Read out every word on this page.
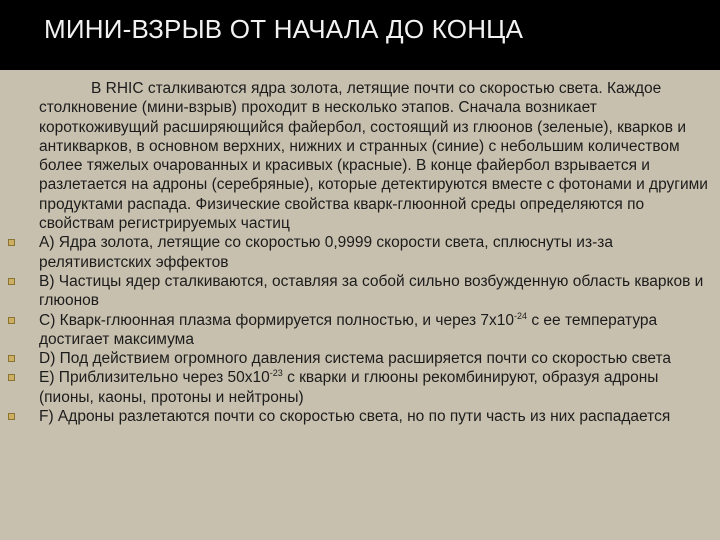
МИНИ-ВЗРЫВ ОТ НАЧАЛА ДО КОНЦА

В RHIC сталкиваются ядра золота, летящие почти со скоростью света. Каждое столкновение (мини-взрыв) проходит в несколько этапов. Сначала возникает короткоживущий расширяющийся файербол, состоящий из глюонов (зеленые), кварков и антикварков, в основном верхних, нижних и странных (синие) с небольшим количеством более тяжелых очарованных и красивых (красные). В конце файербол взрывается и разлетается на адроны (серебряные), которые детектируются вместе с фотонами и другими продуктами распада. Физические свойства кварк-глюонной среды определяются по свойствам регистрируемых частиц

А) Ядра золота, летящие со скоростью 0,9999 скорости света, сплюснуты из-за релятивистских эффектов
В) Частицы ядер сталкиваются, оставляя за собой сильно возбужденную область кварков и глюонов
С) Кварк-глюонная плазма формируется полностью, и через $7х10^{-24}$ с ее температура достигает максимума
D) Под действием огромного давления система расширяется почти со скоростью света
E) Приблизительно через $50х10^{-23}$ с кварки и глюоны рекомбинируют, образуя адроны (пионы, каоны, протоны и нейтроны)
F) Адроны разлетаются почти со скоростью света, но по пути часть из них распадается
